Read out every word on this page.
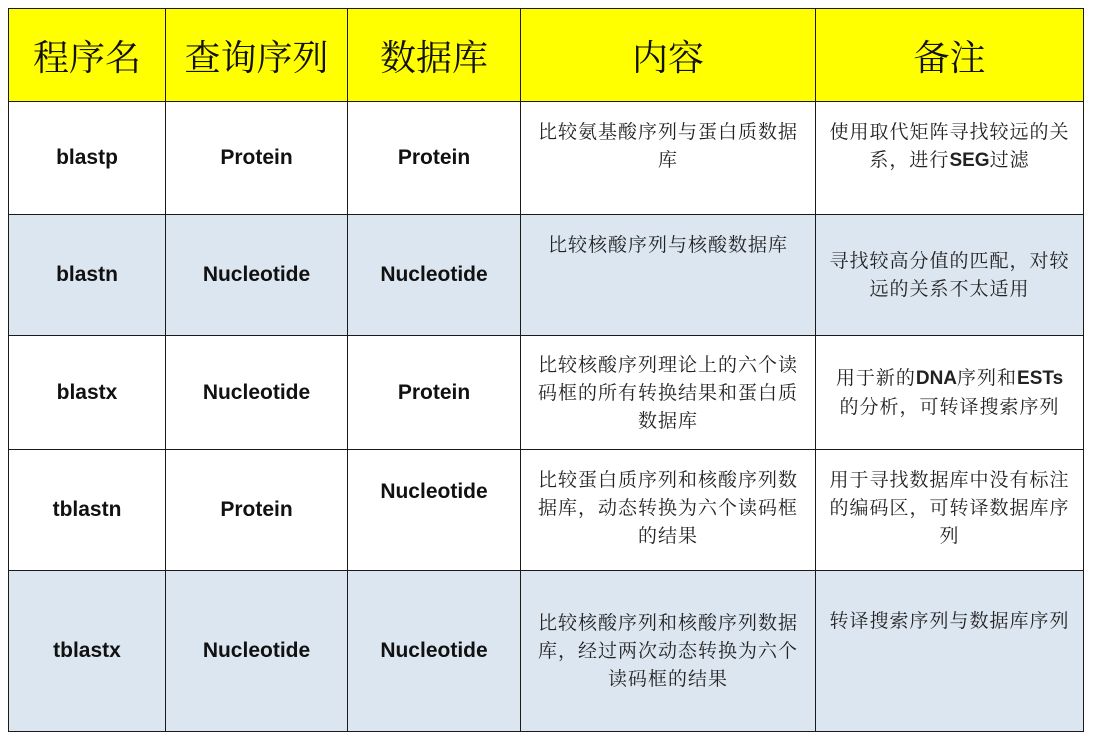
程序名	查询序列	数据库	内容	备注
blastp	Protein	Protein	比较氨基酸序列与蛋白质数据库	使用取代矩阵寻找较远的关系，进行SEG过滤

blastn	Nucleotide	Nucleotide	比较核酸序列与核酸数据库	寻找较高分值的匹配，对较远的关系不太适用

blastx	Nucleotide	Protein	比较核酸序列理论上的六个读码框的所有转换结果和蛋白质数据库	用于新的DNA序列和ESTs的分析，可转译搜索序列

tblastn	Protein	Nucleotide	比较蛋白质序列和核酸序列数据库，动态转换为六个读码框的结果	用于寻找数据库中没有标注的编码区，可转译数据库序列

tblastx	Nucleotide	Nucleotide	比较核酸序列和核酸序列数据库，经过两次动态转换为六个读码框的结果	转译搜索序列与数据库序列
